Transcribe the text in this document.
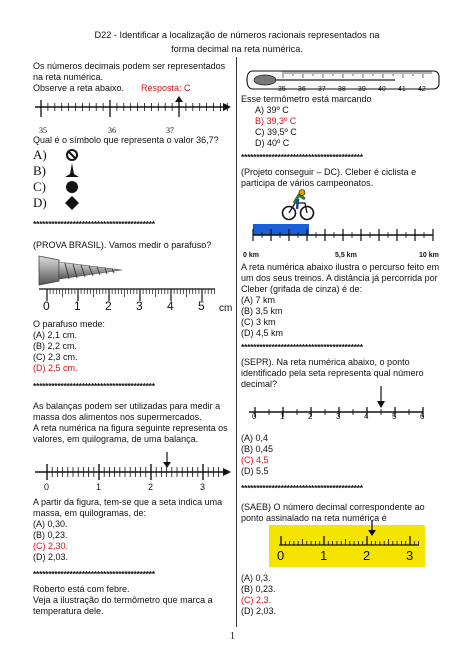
D22 - Identificar a localização de números racionais representados na
forma decimal na reta numérica.
Os números decimais podem ser representados
na reta numérica.
Observe a reta abaixo. Resposta: C
35	36	37
Qual é o símbolo que representa o valor 36,7?
A)
B)
C)
D)
****************************************
(PROVA BRASIL). Vamos medir o parafuso?
0 1 2 3 4 5 cm
O parafuso mede:
(A) 2,1 cm.
(B) 2,2 cm.
(C) 2,3 cm.
(D) 2,5 cm.
****************************************
As balanças podem ser utilizadas para medir a
massa dos alimentos nos supermercados.
A reta numérica na figura seguinte representa os
valores, em quilograma, de uma balança.
0	1	2	3
A partir da figura, tem-se que a seta indica uma
massa, em quilogramas, de:
(A) 0,30.
(B) 0,23.
(C) 2,30.
(D) 2,03.
****************************************
Roberto está com febre.
Veja a ilustração do termômetro que marca a
temperatura dele.
35 36 37 38 39 40 41 42
Esse termômetro está marcando
A) 39º C
B) 39,3º C
C) 39,5º C
D) 40º C
****************************************
(Projeto conseguir – DC). Cleber é ciclista e
participa de vários campeonatos.
0 km	5,5 km	10 km
A reta numérica abaixo ilustra o percurso feito em
um dos seus treinos. A distância já percorrida por
Cleber (grifada de cinza) é de:
(A) 7 km
(B) 3,5 km
(C) 3 km
(D) 4,5 km
****************************************
(SEPR). Na reta numérica abaixo, o ponto
identificado pela seta representa qual número
decimal?
0	1	2	3	4	5	6
(A) 0,4
(B) 0,45
(C) 4,5
(D) 5,5
****************************************
(SAEB) O número decimal correspondente ao
ponto assinalado na reta numérica é
0	1	2	3
(A) 0,3.
(B) 0,23.
(C) 2,3.
(D) 2,03.
1
